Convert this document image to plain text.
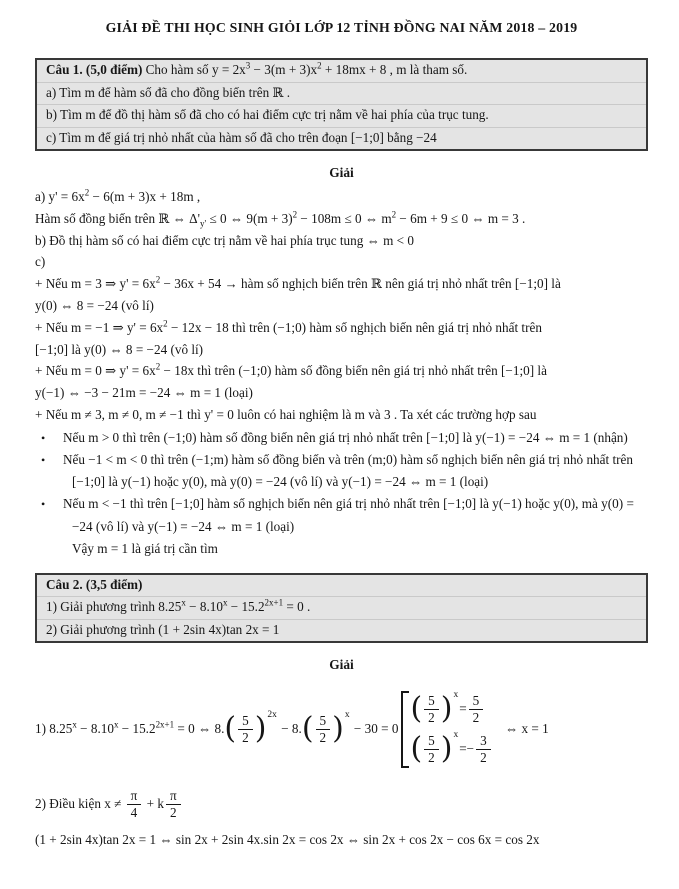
GIẢI ĐỀ THI HỌC SINH GIỎI LỚP 12 TỈNH ĐỒNG NAI NĂM 2018 – 2019
Câu 1. (5,0 điểm) Cho hàm số $y = 2x^3 - 3(m + 3)x^2 + 18mx + 8$ , m là tham số.
a) Tìm m để hàm số đã cho đồng biến trên ℝ .
b) Tìm m để đồ thị hàm số đã cho có hai điểm cực trị nằm về hai phía của trục tung.
c) Tìm m để giá trị nhỏ nhất của hàm số đã cho trên đoạn [−1;0] bằng −24
Giải

a) $y' = 6x^2 - 6(m + 3)x + 18m$ ,

Hàm số đồng biến trên ℝ ⇔ $\Delta'_{y'} \le 0$ ⇔ $9(m + 3)^2 - 108m \le 0$ ⇔ $m^2 - 6m + 9 \le 0$ ⇔ m = 3 .

b) Đồ thị hàm số có hai điểm cực trị nằm về hai phía trục tung ⇔ m < 0

c)

+ Nếu m = 3 ⇒ $y' = 6x^2 - 36x + 54$ → hàm số nghịch biến trên ℝ nên giá trị nhỏ nhất trên [−1;0] là

y(0) ⇔ 8 = −24 (vô lí)

+ Nếu m = −1 ⇒ $y' = 6x^2 - 12x - 18$ thì trên (−1;0) hàm số nghịch biến nên giá trị nhỏ nhất trên

[−1;0] là y(0) ⇔ 8 = −24 (vô lí)

+ Nếu m = 0 ⇒ $y' = 6x^2 - 18x$ thì trên (−1;0) hàm số đồng biến nên giá trị nhỏ nhất trên [−1;0] là

y(−1) ⇔ −3 − 21m = −24 ⇔ m = 1 (loại)

+ Nếu m ≠ 3, m ≠ 0, m ≠ −1 thì y' = 0 luôn có hai nghiệm là m và 3 . Ta xét các trường hợp sau

• Nếu m > 0 thì trên (−1;0) hàm số đồng biến nên giá trị nhỏ nhất trên [−1;0] là y(−1) = −24 ⇔ m = 1 (nhận)
• Nếu −1 < m < 0 thì trên (−1;m) hàm số đồng biến và trên (m;0) hàm số nghịch biến nên giá trị nhỏ nhất trên [−1;0] là y(−1) hoặc y(0), mà y(0) = −24 (vô lí) và y(−1) = −24 ⇔ m = 1 (loại)
• Nếu m < −1 thì trên [−1;0] hàm số nghịch biến nên giá trị nhỏ nhất trên [−1;0] là y(−1) hoặc y(0), mà y(0) = −24 (vô lí) và y(−1) = −24 ⇔ m = 1 (loại)

Vậy m = 1 là giá trị cần tìm

Câu 2. (3,5 điểm)
1) Giải phương trình $8.25^x - 8.10^x - 15.2^{2x+1} = 0$ .
2) Giải phương trình (1 + 2sin 4x)tan 2x = 1
Giải
1) $8.25^x - 8.10^x - 15.2^{2x+1} = 0$ ⇔ 8. ( $\frac{5}{2}$ ) 2x
− 8. ( $\frac{5}{2}$ ) x
− 30 = 0
( $\frac{5}{2}$ ) x
= $\frac{5}{2}$
( $\frac{5}{2}$ ) x
= − $\frac{3}{2}$
⇔ x = 1
2) Điều kiện $x \ne \frac{\pi}{4} + k \frac{\pi}{2}$

(1 + 2sin 4x)tan 2x = 1 ⇔ sin 2x + 2sin 4x.sin 2x = cos 2x ⇔ sin 2x + cos 2x − cos 6x = cos 2x
